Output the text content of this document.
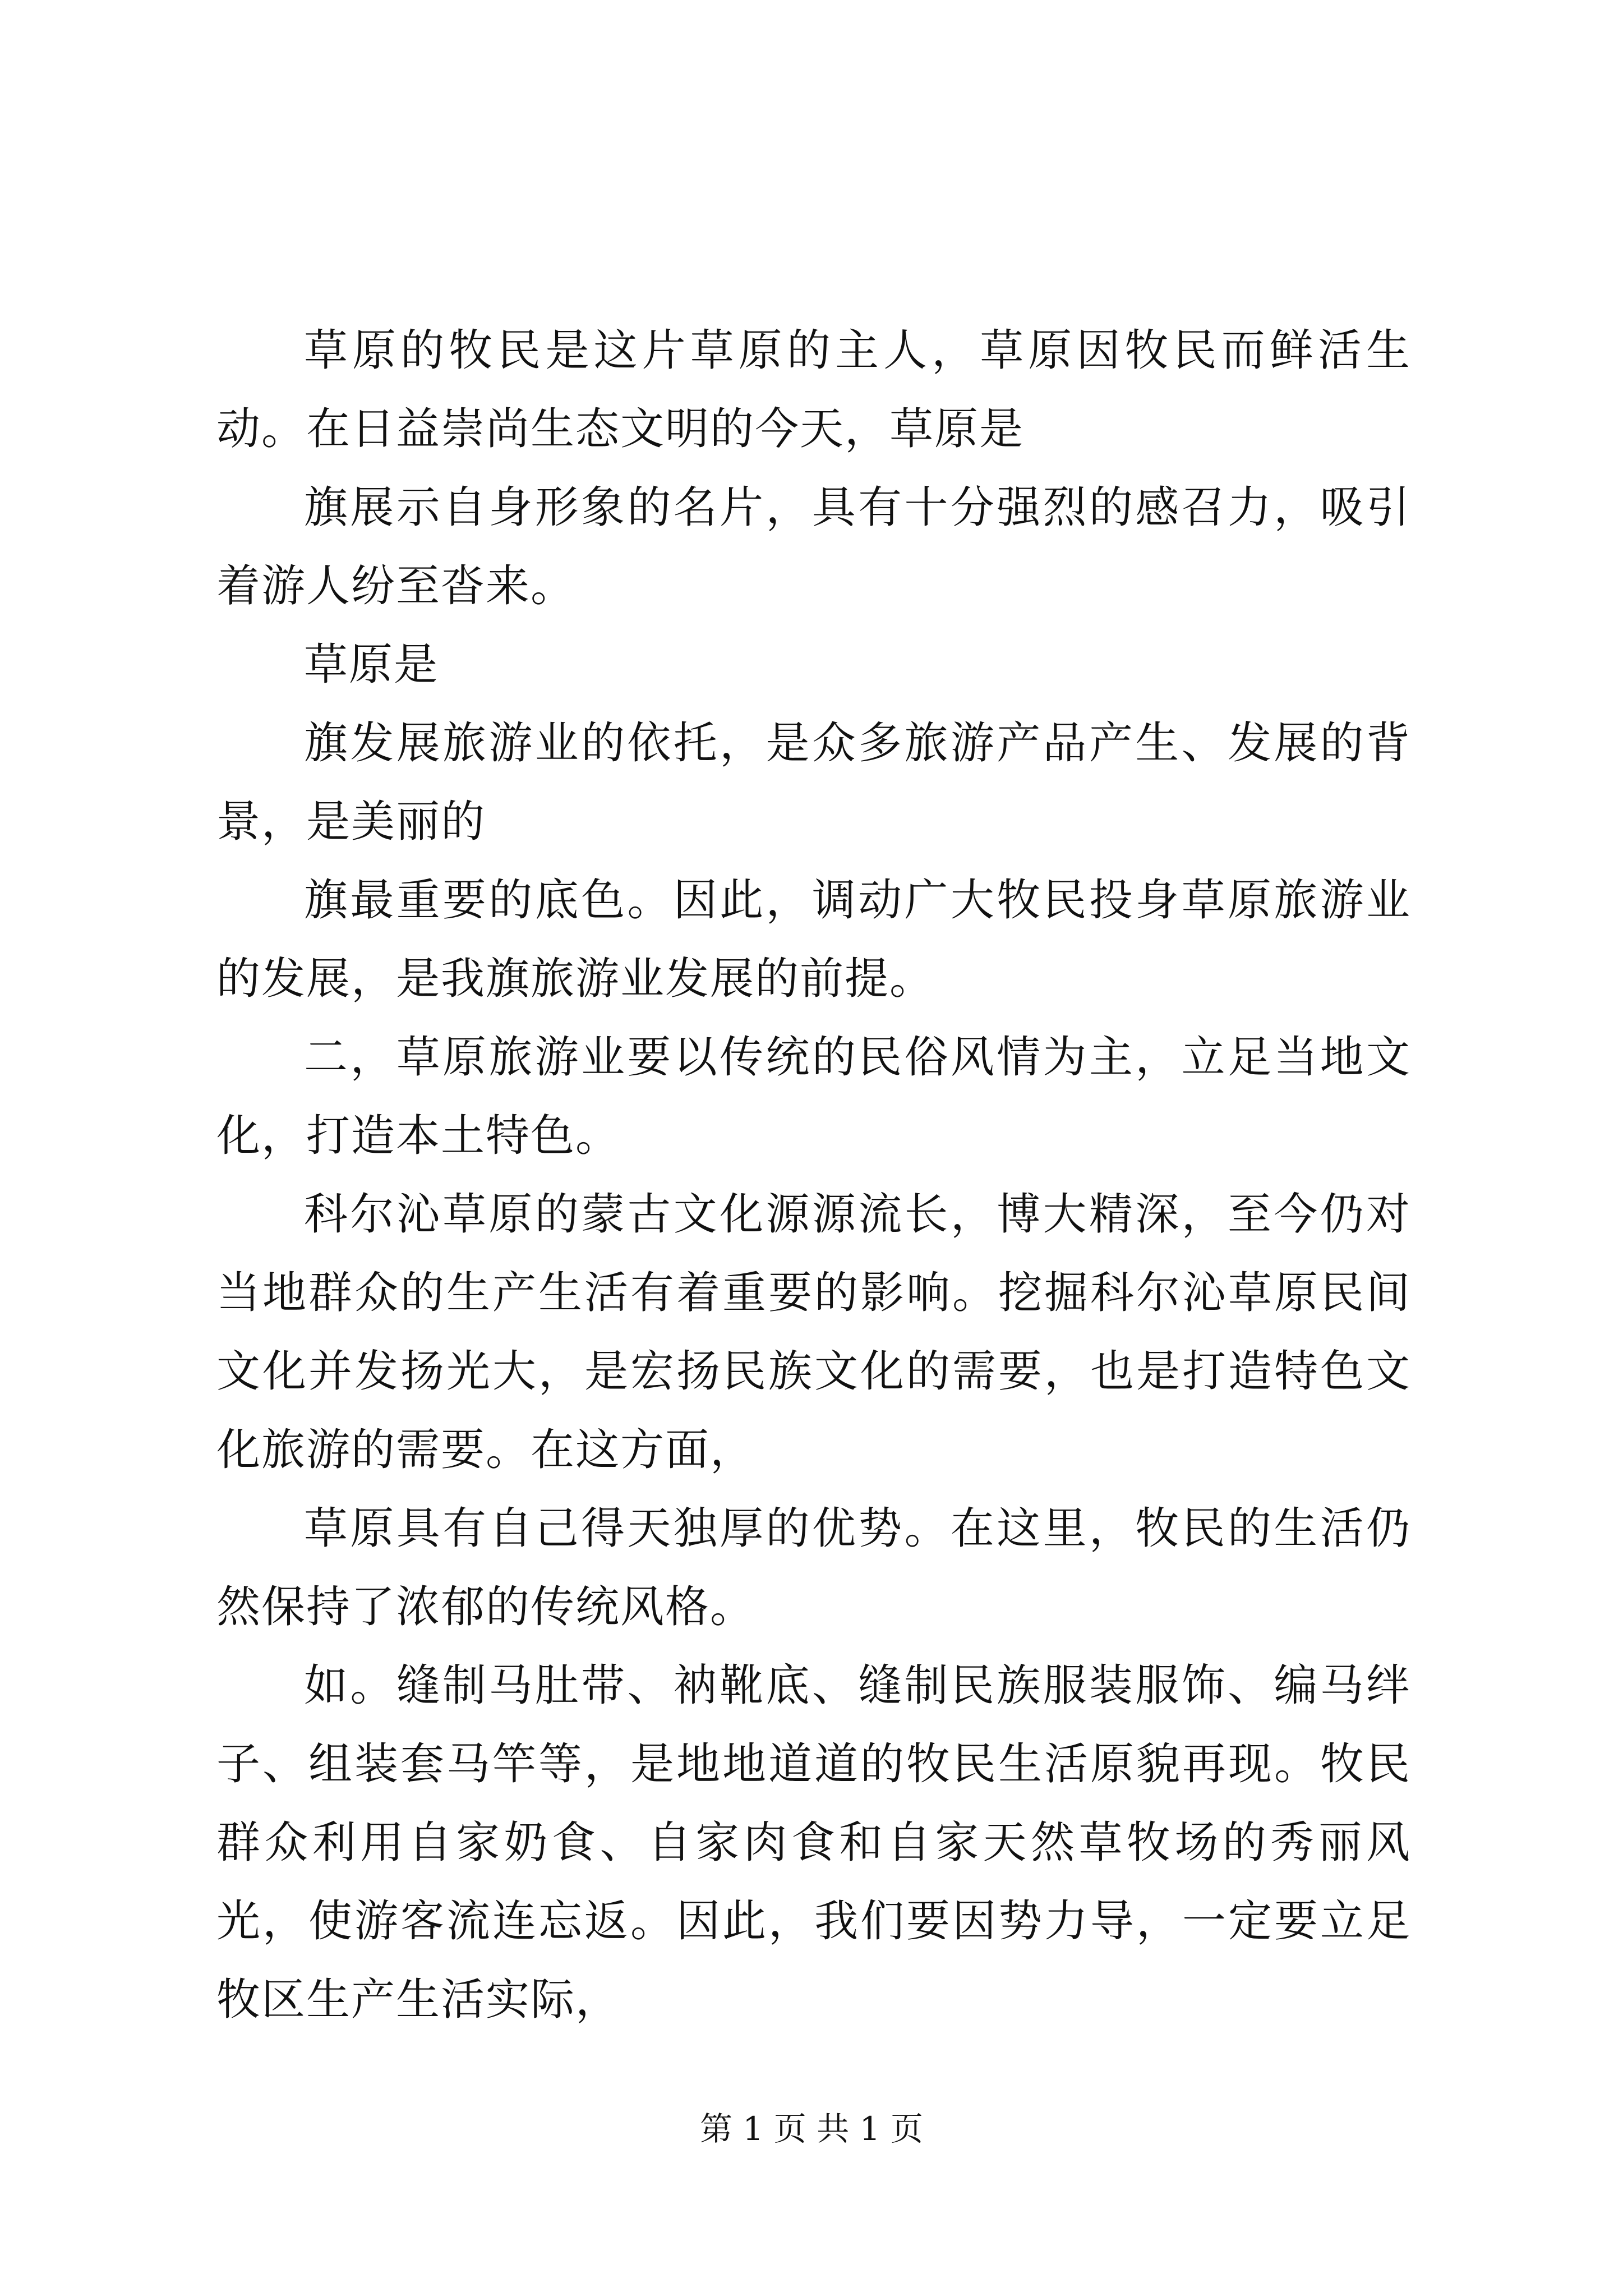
草原的牧民是这片草原的主人，草原因牧民而鲜活生动。在日益崇尚生态文明的今天，草原是

旗展示自身形象的名片，具有十分强烈的感召力，吸引着游人纷至沓来。

草原是

旗发展旅游业的依托，是众多旅游产品产生、发展的背景，是美丽的

旗最重要的底色。因此，调动广大牧民投身草原旅游业的发展，是我旗旅游业发展的前提。

二，草原旅游业要以传统的民俗风情为主，立足当地文化，打造本土特色。

科尔沁草原的蒙古文化源源流长，博大精深，至今仍对当地群众的生产生活有着重要的影响。挖掘科尔沁草原民间文化并发扬光大，是宏扬民族文化的需要，也是打造特色文化旅游的需要。在这方面，

草原具有自己得天独厚的优势。在这里，牧民的生活仍然保持了浓郁的传统风格。

如。缝制马肚带、衲靴底、缝制民族服装服饰、编马绊子、组装套马竿等，是地地道道的牧民生活原貌再现。牧民群众利用自家奶食、自家肉食和自家天然草牧场的秀丽风光，使游客流连忘返。因此，我们要因势力导，一定要立足牧区生产生活实际，

第 1 页 共 1 页
